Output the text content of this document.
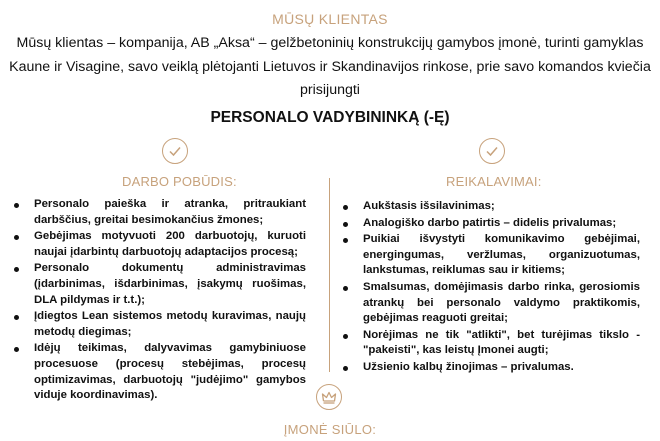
MŪSŲ KLIENTAS
Mūsų klientas – kompanija, AB „Aksa“ – gelžbetoninių konstrukcijų gamybos įmonė, turinti gamyklas Kaune ir Visagine, savo veiklą plėtojanti Lietuvos ir Skandinavijos rinkose, prie savo komandos kviečia prisijungti
PERSONALO VADYBININKĄ (-Ę)
DARBO POBŪDIS:	REIKALAVIMAI:
Personalo paieška ir atranka, pritraukiant darbščius, greitai besimokančius žmones;
Gebėjimas motyvuoti 200 darbuotojų, kuruoti naujai įdarbintų darbuotojų adaptacijos procesą;
Personalo dokumentų administravimas (įdarbinimas, išdarbinimas, įsakymų ruošimas, DLA pildymas ir t.t.);
Įdiegtos Lean sistemos metodų kuravimas, naujų metodų diegimas;
Idėjų teikimas, dalyvavimas gamybiniuose procesuose (procesų stebėjimas, procesų optimizavimas, darbuotojų "judėjimo" gamybos viduje koordinavimas).
Aukštasis išsilavinimas;
Analogiško darbo patirtis – didelis privalumas;
Puikiai išvystyti komunikavimo gebėjimai, energingumas, veržlumas, organizuotumas, lankstumas, reiklumas sau ir kitiems;
Smalsumas, domėjimasis darbo rinka, gerosiomis atrankų bei personalo valdymo praktikomis, gebėjimas reaguoti greitai;
Norėjimas ne tik "atlikti", bet turėjimas tikslo - "pakeisti", kas leistų Įmonei augti;
Užsienio kalbų žinojimas – privalumas.
ĮMONĖ SIŪLO:
